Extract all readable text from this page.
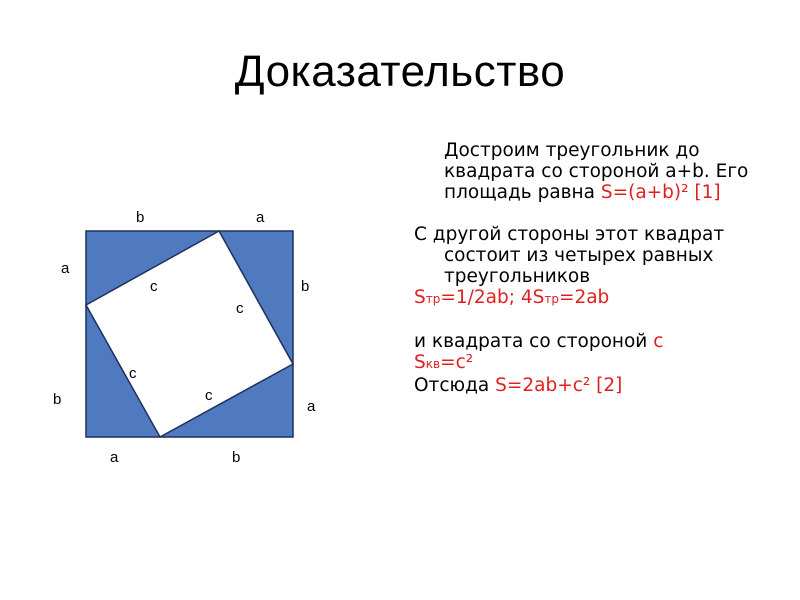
Доказательство
b	a
a
b
b
a
a	b
c
c
c
c

Достроим треугольник до квадрата со стороной a+b. Его площадь равна S=(a+b)² [1]

С другой стороны этот квадрат состоит из четырех равных треугольников

Sтр=1/2ab; 4Sтр=2ab

и квадрата со стороной c

Sкв=c²

Отсюда S=2ab+c² [2]
